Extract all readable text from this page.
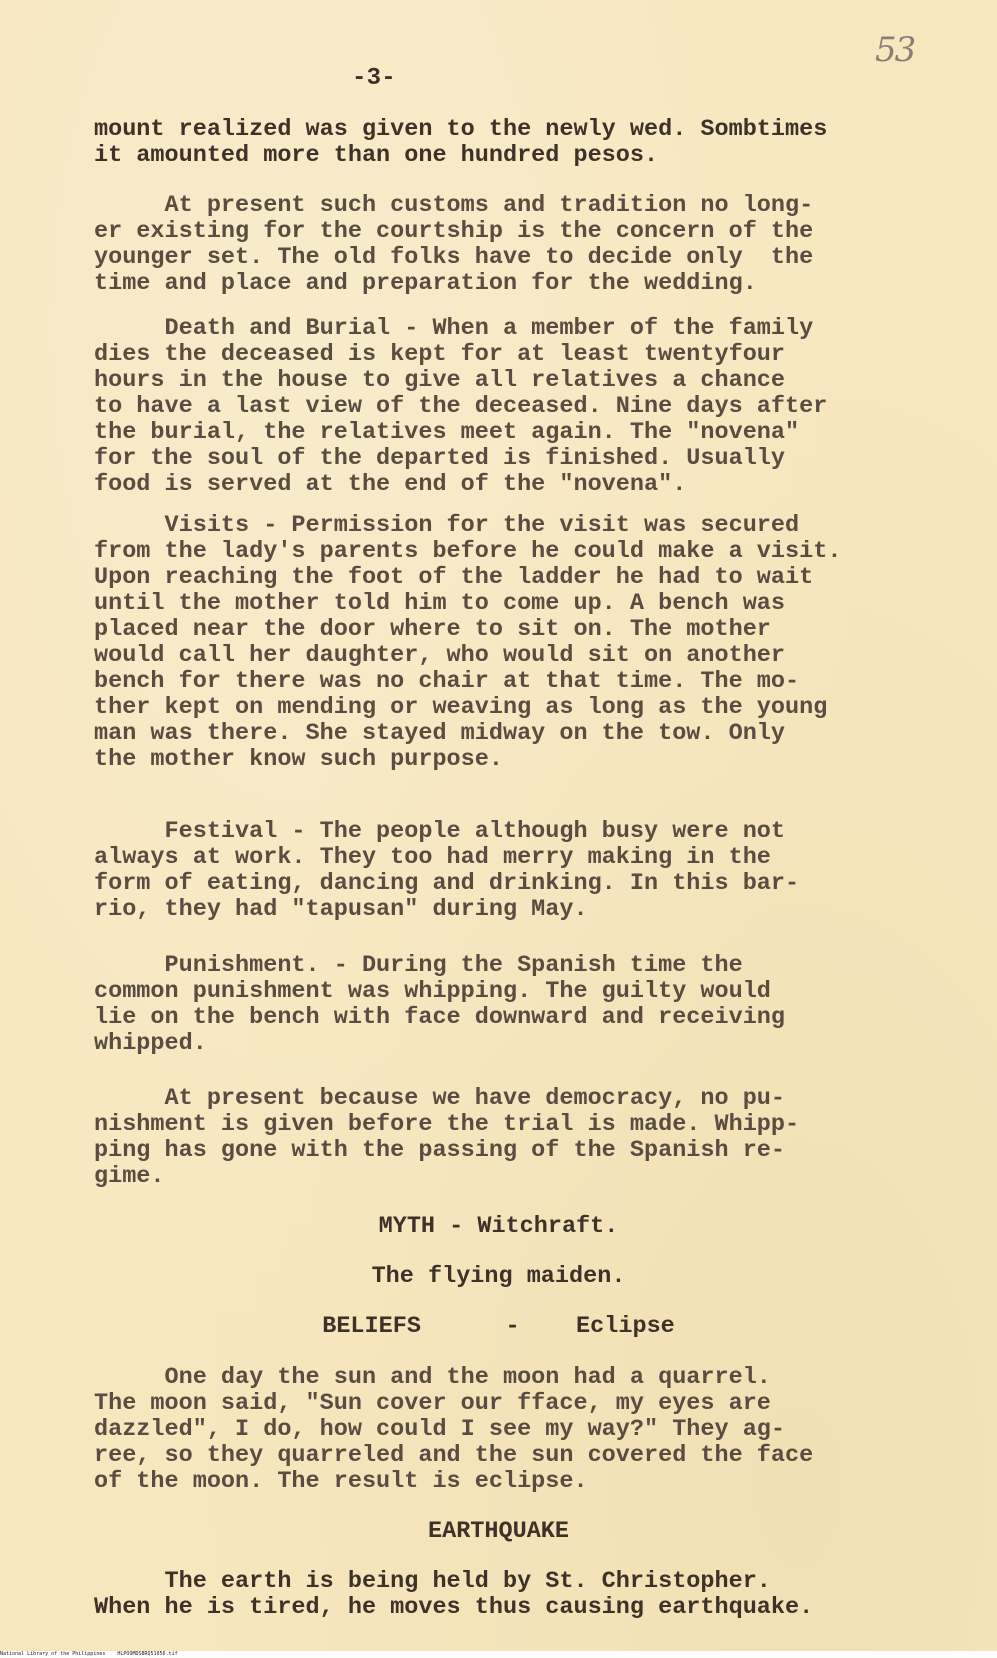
53
-3-
mount realized was given to the newly wed. Sombtimes
it amounted more than one hundred pesos.
At present such customs and tradition no long-
er existing for the courtship is the concern of the
younger set. The old folks have to decide only  the
time and place and preparation for the wedding.
Death and Burial - When a member of the family
dies the deceased is kept for at least twentyfour
hours in the house to give all relatives a chance
to have a last view of the deceased. Nine days after
the burial, the relatives meet again. The "novena"
for the soul of the departed is finished. Usually
food is served at the end of the "novena".
Visits - Permission for the visit was secured
from the lady's parents before he could make a visit.
Upon reaching the foot of the ladder he had to wait
until the mother told him to come up. A bench was
placed near the door where to sit on. The mother
would call her daughter, who would sit on another
bench for there was no chair at that time. The mo-
ther kept on mending or weaving as long as the young
man was there. She stayed midway on the tow. Only
the mother know such purpose.
Festival - The people although busy were not
always at work. They too had merry making in the
form of eating, dancing and drinking. In this bar-
rio, they had "tapusan" during May.
Punishment. - During the Spanish time the
common punishment was whipping. The guilty would
lie on the bench with face downward and receiving
whipped.
At present because we have democracy, no pu-
nishment is given before the trial is made. Whipp-
ping has gone with the passing of the Spanish re-
gime.
MYTH - Witchraft.
The flying maiden.
BELIEFS      -    Eclipse
One day the sun and the moon had a quarrel.
The moon said, "Sun cover our fface, my eyes are
dazzled", I do, how could I see my way?" They ag-
ree, so they quarreled and the sun covered the face
of the moon. The result is eclipse.
EARTHQUAKE
The earth is being held by St. Christopher.
When he is tired, he moves thus causing earthquake.
National Library of the Philippines HLPOOMDSBRQ51056.tif
